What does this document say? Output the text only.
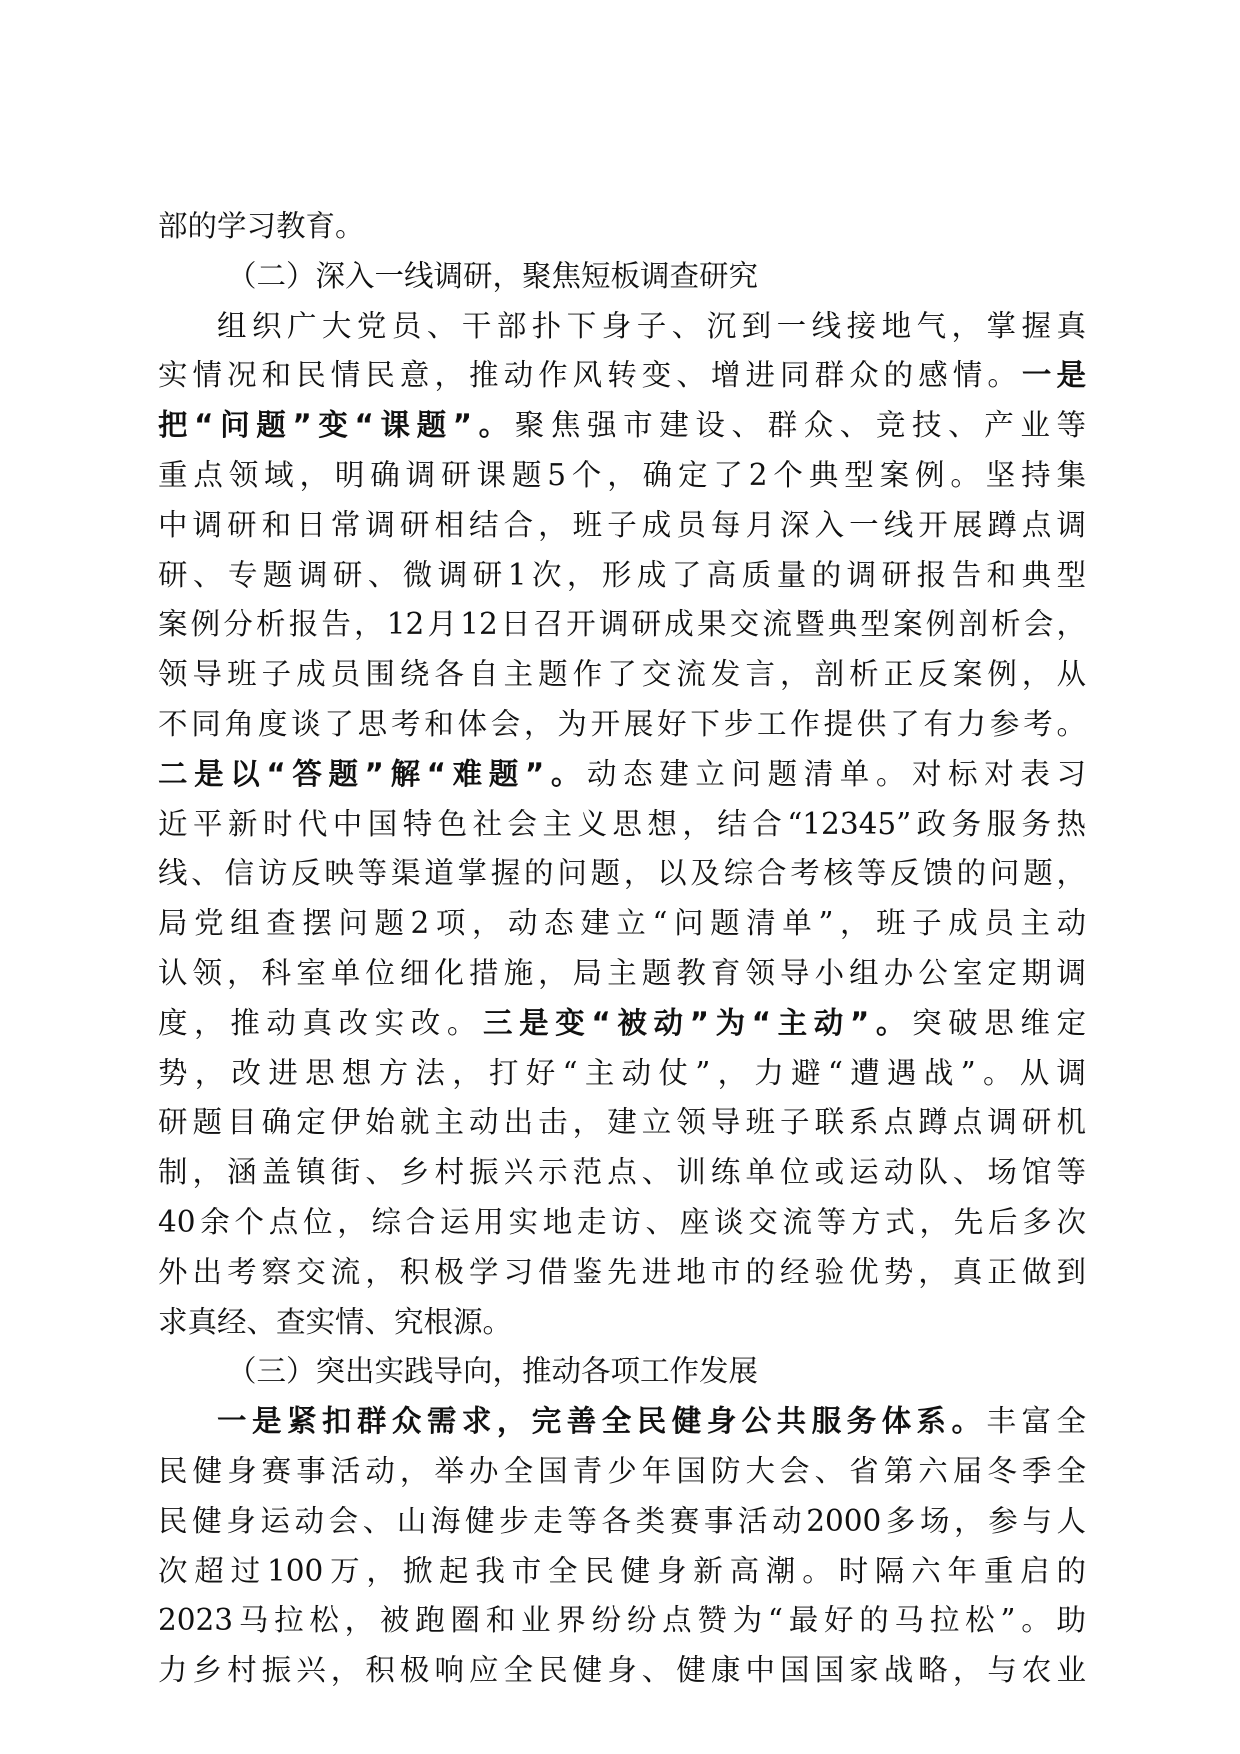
部的学习教育。
（二）深入一线调研，聚焦短板调查研究
组织广大党员、干部扑下身子、沉到一线接地气，掌握真
实情况和民情民意，推动作风转变、增进同群众的感情。一是
把“问题”变“课题”。聚焦强市建设、群众、竞技、产业等
重点领域，明确调研课题5个，确定了2个典型案例。坚持集
中调研和日常调研相结合，班子成员每月深入一线开展蹲点调
研、专题调研、微调研1次，形成了高质量的调研报告和典型
案例分析报告，12月12日召开调研成果交流暨典型案例剖析会，
领导班子成员围绕各自主题作了交流发言，剖析正反案例，从
不同角度谈了思考和体会，为开展好下步工作提供了有力参考。
二是以“答题”解“难题”。动态建立问题清单。对标对表习
近平新时代中国特色社会主义思想，结合“12345”政务服务热
线、信访反映等渠道掌握的问题，以及综合考核等反馈的问题，
局党组查摆问题2项，动态建立“问题清单”，班子成员主动
认领，科室单位细化措施，局主题教育领导小组办公室定期调
度，推动真改实改。三是变“被动”为“主动”。突破思维定
势，改进思想方法，打好“主动仗”，力避“遭遇战”。从调
研题目确定伊始就主动出击，建立领导班子联系点蹲点调研机
制，涵盖镇街、乡村振兴示范点、训练单位或运动队、场馆等
40余个点位，综合运用实地走访、座谈交流等方式，先后多次
外出考察交流，积极学习借鉴先进地市的经验优势，真正做到
求真经、查实情、究根源。
（三）突出实践导向，推动各项工作发展
一是紧扣群众需求，完善全民健身公共服务体系。丰富全
民健身赛事活动，举办全国青少年国防大会、省第六届冬季全
民健身运动会、山海健步走等各类赛事活动2000多场，参与人
次超过100万，掀起我市全民健身新高潮。时隔六年重启的
2023马拉松，被跑圈和业界纷纷点赞为“最好的马拉松”。助
力乡村振兴，积极响应全民健身、健康中国国家战略，与农业
